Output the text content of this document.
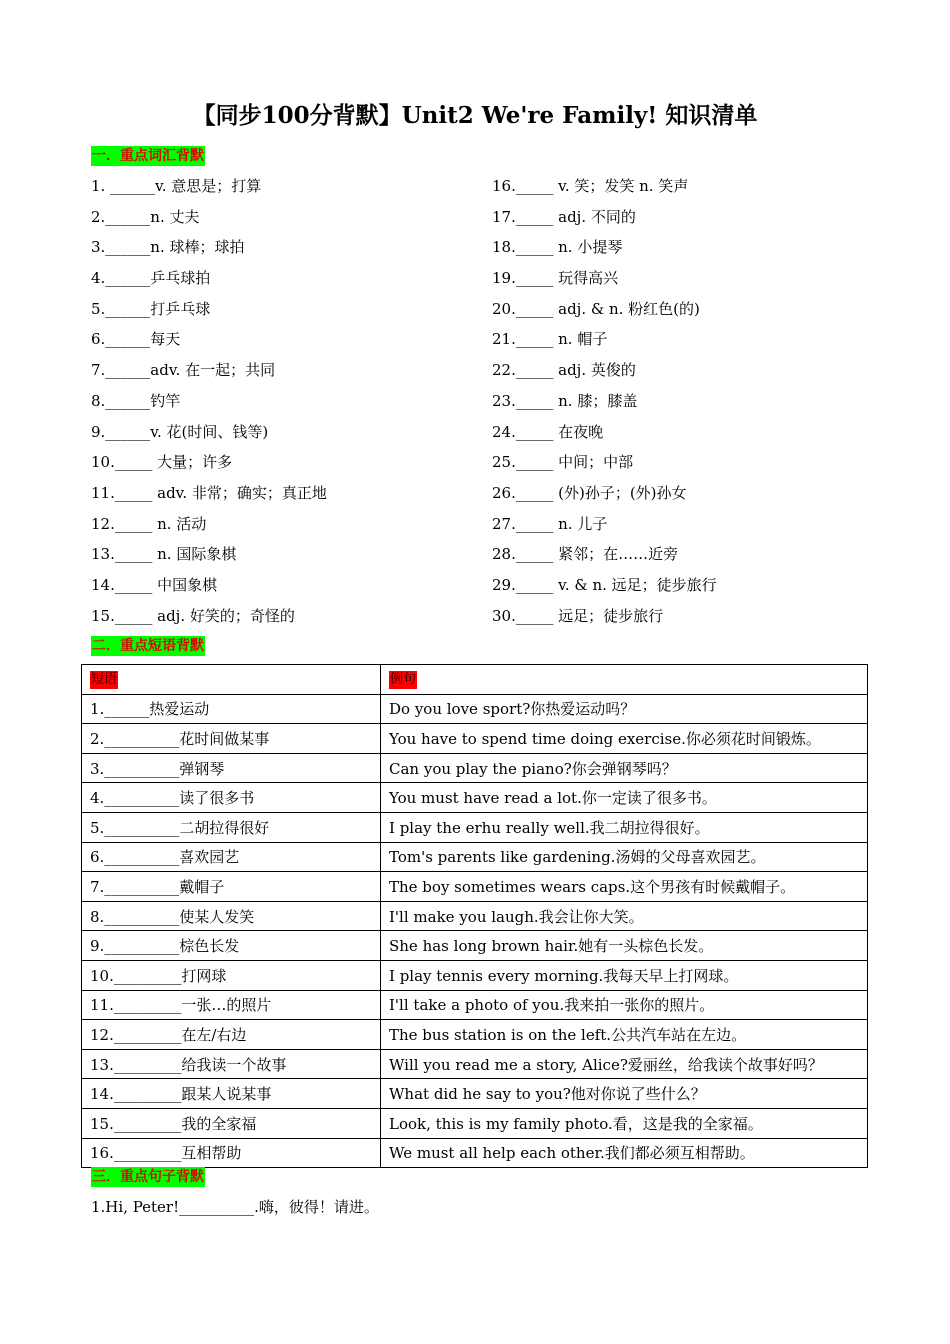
【同步100分背默】Unit2 We're Family! 知识清单
一．重点词汇背默
1. ______v. 意思是；打算
2.______n. 丈夫
3.______n. 球棒；球拍
4.______乒乓球拍
5.______打乒乓球
6.______每天
7.______adv. 在一起；共同
8.______钓竿
9.______v. 花(时间、钱等)
10._____ 大量；许多
11._____ adv. 非常；确实；真正地
12._____ n. 活动
13._____ n. 国际象棋
14._____ 中国象棋
15._____ adj. 好笑的；奇怪的
16._____ v. 笑；发笑 n. 笑声
17._____ adj. 不同的
18._____ n. 小提琴
19._____ 玩得高兴
20._____ adj. & n. 粉红色(的)
21._____ n. 帽子
22._____ adj. 英俊的
23._____ n. 膝；膝盖
24._____ 在夜晚
25._____ 中间；中部
26._____ (外)孙子；(外)孙女
27._____ n. 儿子
28._____ 紧邻；在……近旁
29._____ v. & n. 远足；徒步旅行
30._____ 远足；徒步旅行
二．重点短语背默
短语	例句
1.______热爱运动	Do you love sport?你热爱运动吗？
2.__________花时间做某事	You have to spend time doing exercise.你必须花时间锻炼。
3.__________弹钢琴	Can you play the piano?你会弹钢琴吗？
4.__________读了很多书	You must have read a lot.你一定读了很多书。
5.__________二胡拉得很好	I play the erhu really well.我二胡拉得很好。
6.__________喜欢园艺	Tom's parents like gardening.汤姆的父母喜欢园艺。
7.__________戴帽子	The boy sometimes wears caps.这个男孩有时候戴帽子。
8.__________使某人发笑	I'll make you laugh.我会让你大笑。
9.__________棕色长发	She has long brown hair.她有一头棕色长发。
10._________打网球	I play tennis every morning.我每天早上打网球。
11._________一张…的照片	I'll take a photo of you.我来拍一张你的照片。
12._________在左/右边	The bus station is on the left.公共汽车站在左边。
13._________给我读一个故事	Will you read me a story, Alice?爱丽丝，给我读个故事好吗？
14._________跟某人说某事	What did he say to you?他对你说了些什么？
15._________我的全家福	Look, this is my family photo.看，这是我的全家福。
16._________互相帮助	We must all help each other.我们都必须互相帮助。
三．重点句子背默
1.Hi, Peter!__________.嗨，彼得！请进。
